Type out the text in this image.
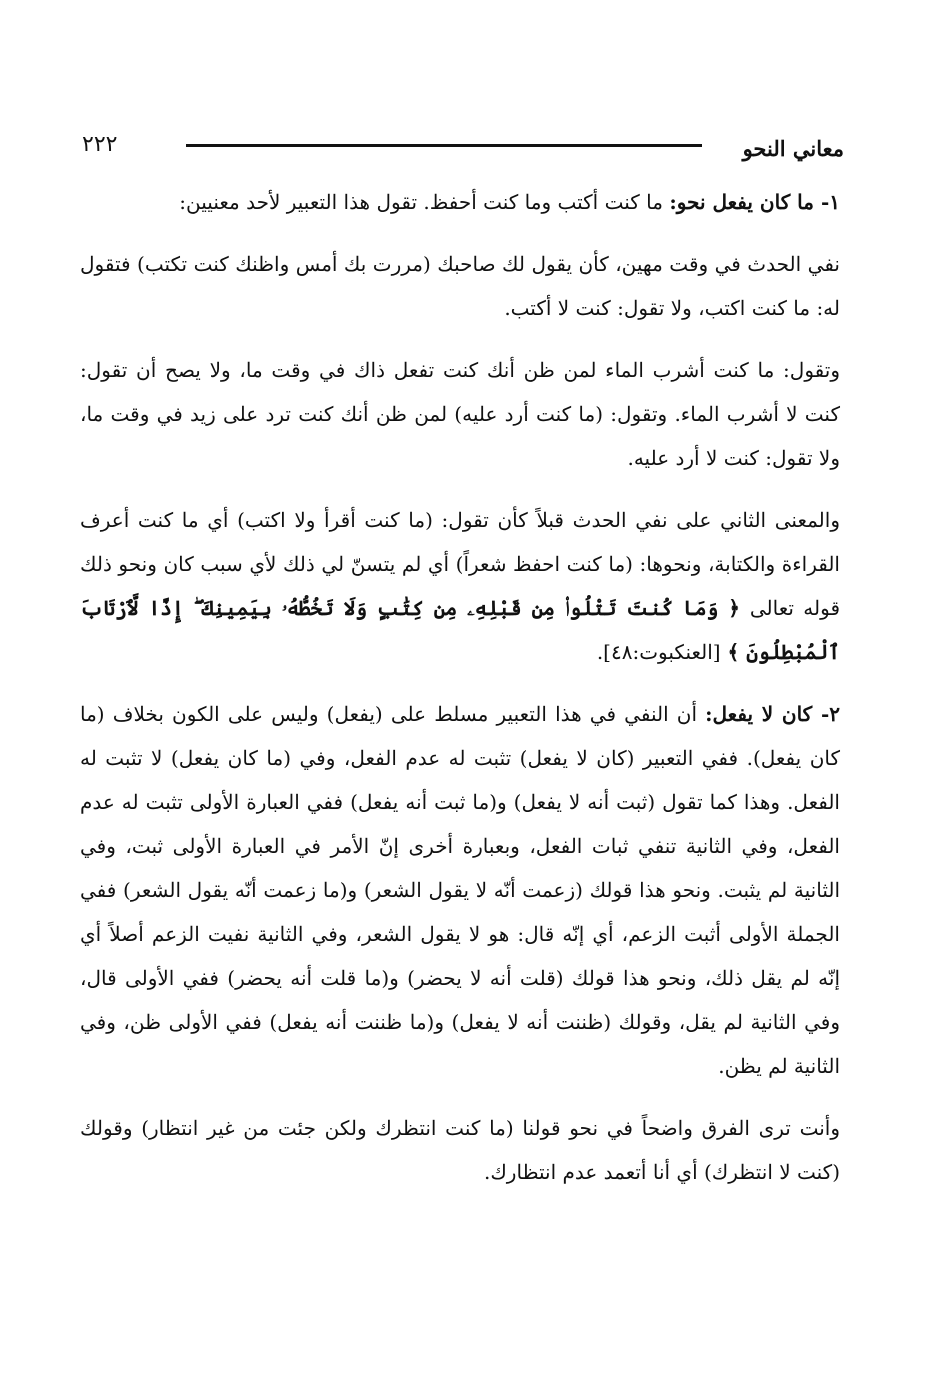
معاني النحو
٢٢٢

١- ما كان يفعل نحو: ما كنت أكتب وما كنت أحفظ. تقول هذا التعبير لأحد معنيين:

نفي الحدث في وقت مهين، كأن يقول لك صاحبك (مررت بك أمس واظنك كنت تكتب) فتقول له: ما كنت اكتب، ولا تقول: كنت لا أكتب.

وتقول: ما كنت أشرب الماء لمن ظن أنك كنت تفعل ذاك في وقت ما، ولا يصح أن تقول: كنت لا أشرب الماء. وتقول: (ما كنت أرد عليه) لمن ظن أنك كنت ترد على زيد في وقت ما، ولا تقول: كنت لا أرد عليه.

والمعنى الثاني على نفي الحدث قبلاً كأن تقول: (ما كنت أقرأ ولا اكتب) أي ما كنت أعرف القراءة والكتابة، ونحوها: (ما كنت احفظ شعراً) أي لم يتسنّ لي ذلك لأي سبب كان ونحو ذلك قوله تعالى ﴿ وَمَا كُنتَ تَتْلُوا۟ مِن قَبْلِهِۦ مِن كِتَٰبٍ وَلَا تَخُطُّهُۥ بِيَمِينِكَ ۖ إِذًا لَّٱرْتَابَ ٱلْمُبْطِلُونَ ﴾ [العنكبوت:٤٨].

٢- كان لا يفعل: أن النفي في هذا التعبير مسلط على (يفعل) وليس على الكون بخلاف (ما كان يفعل). ففي التعبير (كان لا يفعل) تثبت له عدم الفعل، وفي (ما كان يفعل) لا تثبت له الفعل. وهذا كما تقول (ثبت أنه لا يفعل) و(ما ثبت أنه يفعل) ففي العبارة الأولى تثبت له عدم الفعل، وفي الثانية تنفي ثبات الفعل، وبعبارة أخرى إنّ الأمر في العبارة الأولى ثبت، وفي الثانية لم يثبت. ونحو هذا قولك (زعمت أنّه لا يقول الشعر) و(ما زعمت أنّه يقول الشعر) ففي الجملة الأولى أثبت الزعم، أي إنّه قال: هو لا يقول الشعر، وفي الثانية نفيت الزعم أصلاً أي إنّه لم يقل ذلك، ونحو هذا قولك (قلت أنه لا يحضر) و(ما قلت أنه يحضر) ففي الأولى قال، وفي الثانية لم يقل، وقولك (ظننت أنه لا يفعل) و(ما ظننت أنه يفعل) ففي الأولى ظن، وفي الثانية لم يظن.

وأنت ترى الفرق واضحاً في نحو قولنا (ما كنت انتظرك ولكن جئت من غير انتظار) وقولك (كنت لا انتظرك) أي أنا أتعمد عدم انتظارك.
